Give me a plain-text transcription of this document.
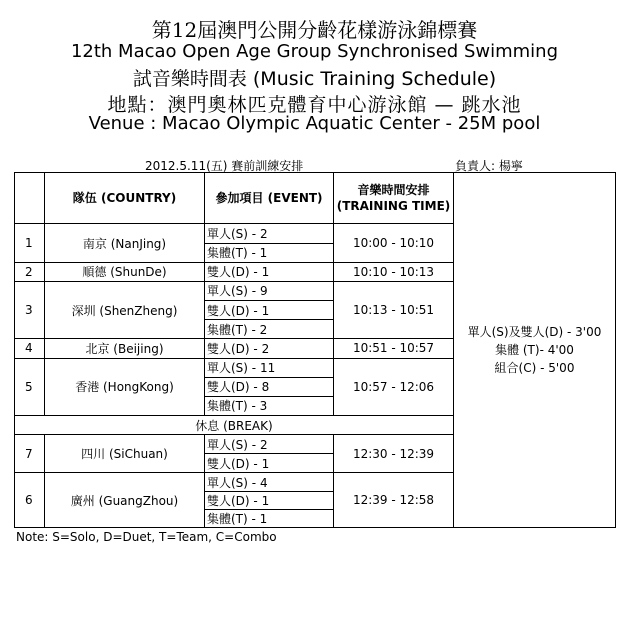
第12屆澳門公開分齡花樣游泳錦標賽
12th Macao Open Age Group Synchronised Swimming
試音樂時間表 (Music Training Schedule)
地點：澳門奧林匹克體育中心游泳館 — 跳水池
Venue : Macao Olympic Aquatic Center - 25M pool
2012.5.11(五) 賽前訓練安排	負責人: 楊寧
	隊伍 (COUNTRY)	參加項目 (EVENT)	音樂時間安排 (TRAINING TIME)	單人(S)及雙人(D) - 3'00
集體 (T)- 4'00
組合(C) - 5'00

1	南京 (NanJing)	單人(S) - 2	10:00 - 10:10	
		集體(T) - 1		
2	順德 (ShunDe)	雙人(D) - 1	10:10 - 10:13	
3	深圳 (ShenZheng)	單人(S) - 9	10:13 - 10:51	
		雙人(D) - 1		
		集體(T) - 2		
4	北京 (Beijing)	雙人(D) - 2	10:51 - 10:57	
5	香港 (HongKong)	單人(S) - 11	10:57 - 12:06	
		雙人(D) - 8		
		集體(T) - 3		
休息 (BREAK)				
7	四川 (SiChuan)	單人(S) - 2	12:30 - 12:39	
		雙人(D) - 1		
6	廣州 (GuangZhou)	單人(S) - 4	12:39 - 12:58	
		雙人(D) - 1		
		集體(T) - 1		
Note: S=Solo, D=Duet, T=Team, C=Combo
